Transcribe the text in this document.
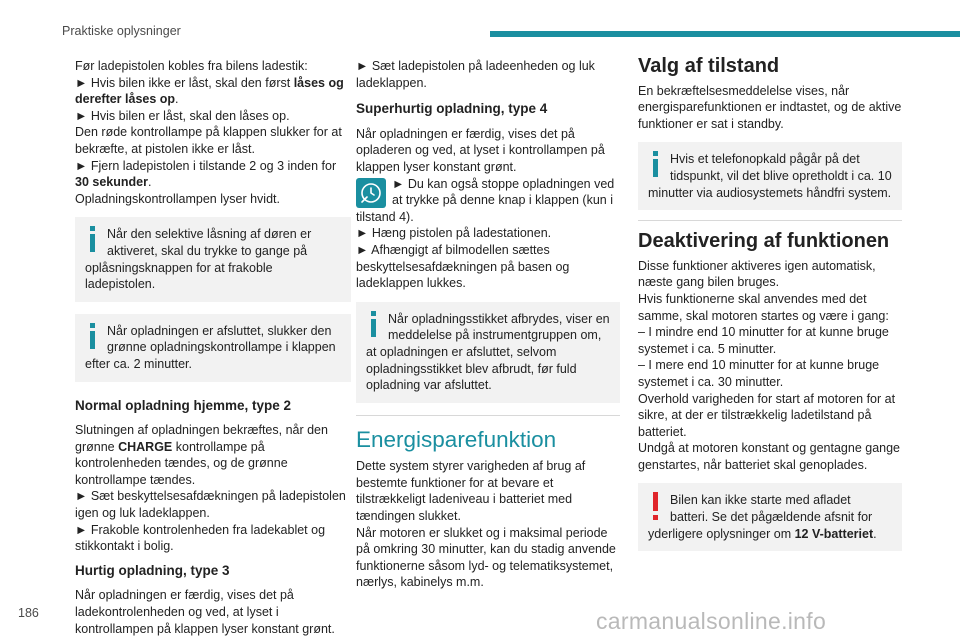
Praktiske oplysninger

Før ladepistolen kobles fra bilens ladestik:

► Hvis bilen ikke er låst, skal den først låses og derefter låses op.

► Hvis bilen er låst, skal den låses op.

Den røde kontrollampe på klappen slukker for at bekræfte, at pistolen ikke er låst.

► Fjern ladepistolen i tilstande 2 og 3 inden for 30 sekunder.

Opladningskontrollampen lyser hvidt.

Når den selektive låsning af døren er aktiveret, skal du trykke to gange på oplåsningsknappen for at frakoble ladepistolen.
Når opladningen er afsluttet, slukker den grønne opladningskontrollampe i klappen efter ca. 2 minutter.
Normal opladning hjemme, type 2

Slutningen af opladningen bekræftes, når den grønne CHARGE kontrollampe på kontrolenheden tændes, og de grønne kontrollampe tændes.

► Sæt beskyttelsesafdækningen på ladepistolen igen og luk ladeklappen.

► Frakoble kontrolenheden fra ladekablet og stikkontakt i bolig.

Hurtig opladning, type 3

Når opladningen er færdig, vises det på ladekontrolenheden og ved, at lyset i kontrollampen på klappen lyser konstant grønt.

► Sæt ladepistolen på ladeenheden og luk ladeklappen.

Superhurtig opladning, type 4

Når opladningen er færdig, vises det på opladeren og ved, at lyset i kontrollampen på klappen lyser konstant grønt.

► Du kan også stoppe opladningen ved at trykke på denne knap i klappen (kun i tilstand 4).

► Hæng pistolen på ladestationen.

► Afhængigt af bilmodellen sættes beskyttelsesafdækningen på basen og ladeklappen lukkes.

Når opladningsstikket afbrydes, viser en meddelelse på instrumentgruppen om, at opladningen er afsluttet, selvom opladningsstikket blev afbrudt, før fuld opladning var afsluttet.
Energisparefunktion

Dette system styrer varigheden af brug af bestemte funktioner for at bevare et tilstrækkeligt ladeniveau i batteriet med tændingen slukket.

Når motoren er slukket og i maksimal periode på omkring 30 minutter, kan du stadig anvende funktionerne såsom lyd- og telematiksystemet, nærlys, kabinelys m.m.

Valg af tilstand

En bekræftelsesmeddelelse vises, når energisparefunktionen er indtastet, og de aktive funktioner er sat i standby.

Hvis et telefonopkald pågår på det tidspunkt, vil det blive opretholdt i ca. 10 minutter via audiosystemets håndfri system.
Deaktivering af funktionen

Disse funktioner aktiveres igen automatisk, næste gang bilen bruges.

Hvis funktionerne skal anvendes med det samme, skal motoren startes og være i gang:

– I mindre end 10 minutter for at kunne bruge systemet i ca. 5 minutter.

– I mere end 10 minutter for at kunne bruge systemet i ca. 30 minutter.

Overhold varigheden for start af motoren for at sikre, at der er tilstrækkelig ladetilstand på batteriet.

Undgå at motoren konstant og gentagne gange genstartes, når batteriet skal genoplades.

Bilen kan ikke starte med afladet batteri. Se det pågældende afsnit for yderligere oplysninger om 12 V-batteriet.
186	carmanualsonline.info
